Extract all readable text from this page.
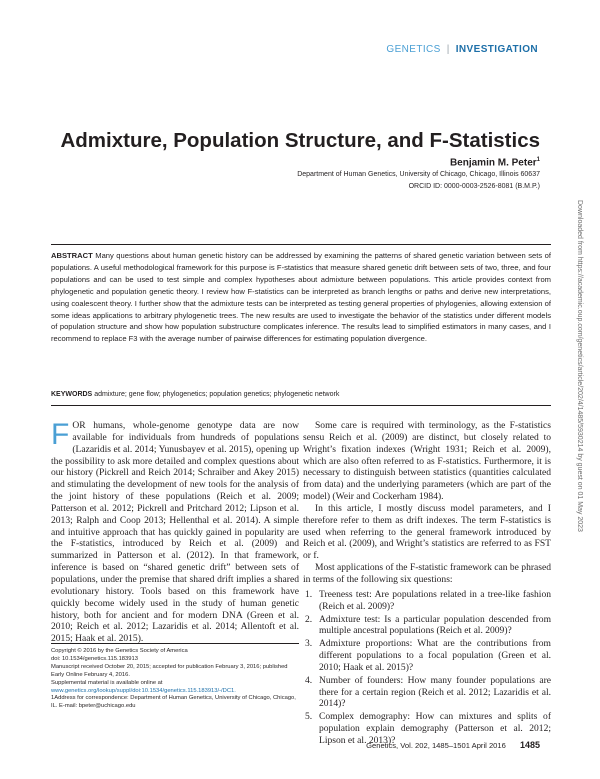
GENETICS | INVESTIGATION
Admixture, Population Structure, and F-Statistics
Benjamin M. Peter$^1$
Department of Human Genetics, University of Chicago, Chicago, Illinois 60637
ORCID ID: 0000-0003-2526-8081 (B.M.P.)
Downloaded from https://academic.oup.com/genetics/article/202/4/1485/5930214 by guest on 01 May 2023

ABSTRACT Many questions about human genetic history can be addressed by examining the patterns of shared genetic variation between sets of populations. A useful methodological framework for this purpose is F-statistics that measure shared genetic drift between sets of two, three, and four populations and can be used to test simple and complex hypotheses about admixture between populations. This article provides context from phylogenetic and population genetic theory. I review how F-statistics can be interpreted as branch lengths or paths and derive new interpretations, using coalescent theory. I further show that the admixture tests can be interpreted as testing general properties of phylogenies, allowing extension of some ideas applications to arbitrary phylogenetic trees. The new results are used to investigate the behavior of the statistics under different models of population structure and show how population substructure complicates inference. The results lead to simplified estimators in many cases, and I recommend to replace F3 with the average number of pairwise differences for estimating population divergence.

KEYWORDS admixture; gene flow; phylogenetics; population genetics; phylogenetic network

FOR humans, whole-genome genotype data are now available for individuals from hundreds of populations (Lazaridis et al. 2014; Yunusbayev et al. 2015), opening up the possibility to ask more detailed and complex questions about our history (Pickrell and Reich 2014; Schraiber and Akey 2015) and stimulating the development of new tools for the analysis of the joint history of these populations (Reich et al. 2009; Patterson et al. 2012; Pickrell and Pritchard 2012; Lipson et al. 2013; Ralph and Coop 2013; Hellenthal et al. 2014). A simple and intuitive approach that has quickly gained in popularity are the F-statistics, introduced by Reich et al. (2009) and summarized in Patterson et al. (2012). In that framework, inference is based on “shared genetic drift” between sets of populations, under the premise that shared drift implies a shared evolutionary history. Tools based on this framework have quickly become widely used in the study of human genetic history, both for ancient and for modern DNA (Green et al. 2010; Reich et al. 2012; Lazaridis et al. 2014; Allentoft et al. 2015; Haak et al. 2015).

Copyright © 2016 by the Genetics Society of America

doi: 10.1534/genetics.115.183913

Manuscript received October 20, 2015; accepted for publication February 3, 2016; published Early Online February 4, 2016.

Supplemental material is available online at www.genetics.org/lookup/suppl/doi:10.1534/genetics.115.183913/-/DC1.

1Address for correspondence: Department of Human Genetics, University of Chicago, Chicago, IL. E-mail: bpeter@uchicago.edu

Some care is required with terminology, as the F-statistics sensu Reich et al. (2009) are distinct, but closely related to Wright’s fixation indexes (Wright 1931; Reich et al. 2009), which are also often referred to as F-statistics. Furthermore, it is necessary to distinguish between statistics (quantities calculated from data) and the underlying parameters (which are part of the model) (Weir and Cockerham 1984).

In this article, I mostly discuss model parameters, and I therefore refer to them as drift indexes. The term F-statistics is used when referring to the general framework introduced by Reich et al. (2009), and Wright’s statistics are referred to as FST or f.

Most applications of the F-statistic framework can be phrased in terms of the following six questions:

1. Treeness test: Are populations related in a tree-like fashion (Reich et al. 2009)?
2. Admixture test: Is a particular population descended from multiple ancestral populations (Reich et al. 2009)?
3. Admixture proportions: What are the contributions from different populations to a focal population (Green et al. 2010; Haak et al. 2015)?
4. Number of founders: How many founder populations are there for a certain region (Reich et al. 2012; Lazaridis et al. 2014)?
5. Complex demography: How can mixtures and splits of population explain demography (Patterson et al. 2012; Lipson et al. 2013)?
Genetics, Vol. 202, 1485–1501 April 2016 1485
